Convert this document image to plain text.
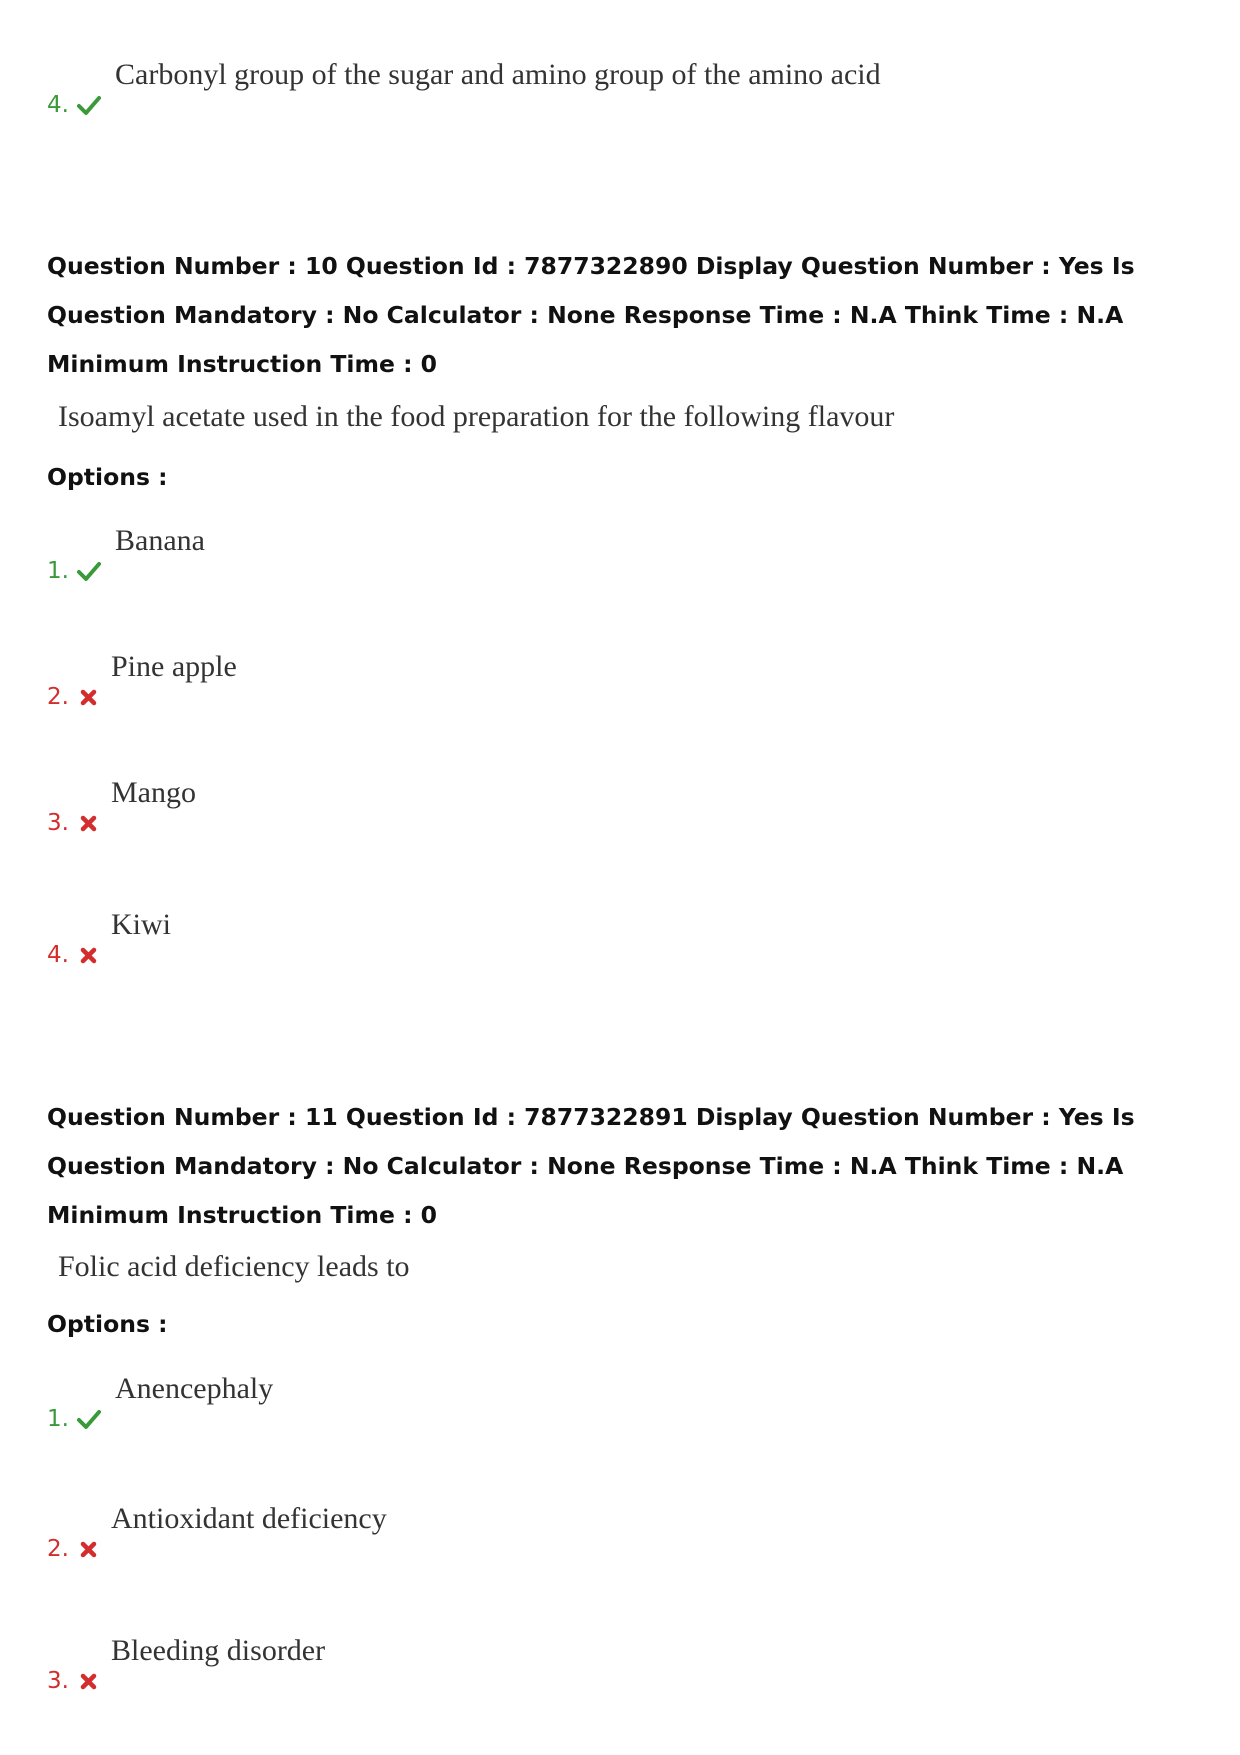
4.
Carbonyl group of the sugar and amino group of the amino acid
Question Number : 10 Question Id : 7877322890 Display Question Number : Yes Is Question Mandatory : No Calculator : None Response Time : N.A Think Time : N.A Minimum Instruction Time : 0
Isoamyl acetate used in the food preparation for the following flavour
Options :
1.
Banana
2.
Pine apple
3.
Mango
4.
Kiwi
Question Number : 11 Question Id : 7877322891 Display Question Number : Yes Is Question Mandatory : No Calculator : None Response Time : N.A Think Time : N.A Minimum Instruction Time : 0
Folic acid deficiency leads to
Options :
1.
Anencephaly
2.
Antioxidant deficiency
3.
Bleeding disorder
